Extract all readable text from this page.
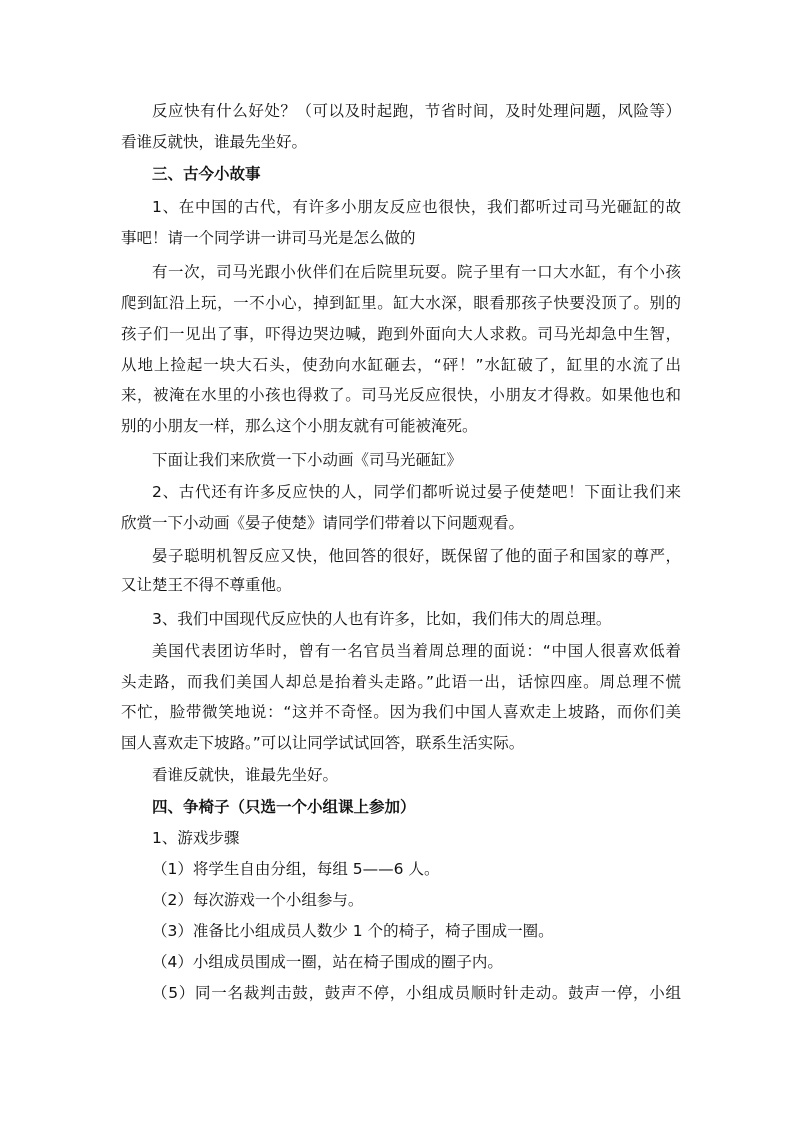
反应快有什么好处？（可以及时起跑，节省时间，及时处理问题，风险等）
看谁反就快，谁最先坐好。
三、古今小故事
1、在中国的古代，有许多小朋友反应也很快，我们都听过司马光砸缸的故
事吧！请一个同学讲一讲司马光是怎么做的
有一次，司马光跟小伙伴们在后院里玩耍。院子里有一口大水缸，有个小孩
爬到缸沿上玩，一不小心，掉到缸里。缸大水深，眼看那孩子快要没顶了。别的
孩子们一见出了事，吓得边哭边喊，跑到外面向大人求救。司马光却急中生智，
从地上捡起一块大石头，使劲向水缸砸去，“砰！”水缸破了，缸里的水流了出
来，被淹在水里的小孩也得救了。司马光反应很快，小朋友才得救。如果他也和
别的小朋友一样，那么这个小朋友就有可能被淹死。
下面让我们来欣赏一下小动画《司马光砸缸》
2、古代还有许多反应快的人，同学们都听说过晏子使楚吧！下面让我们来
欣赏一下小动画《晏子使楚》请同学们带着以下问题观看。
晏子聪明机智反应又快，他回答的很好，既保留了他的面子和国家的尊严，
又让楚王不得不尊重他。
3、我们中国现代反应快的人也有许多，比如，我们伟大的周总理。
美国代表团访华时，曾有一名官员当着周总理的面说：“中国人很喜欢低着
头走路，而我们美国人却总是抬着头走路。”此语一出，话惊四座。周总理不慌
不忙，脸带微笑地说：“这并不奇怪。因为我们中国人喜欢走上坡路，而你们美
国人喜欢走下坡路。”可以让同学试试回答，联系生活实际。
看谁反就快，谁最先坐好。
四、争椅子（只选一个小组课上参加）
1、游戏步骤
（1）将学生自由分组，每组 5——6 人。
（2）每次游戏一个小组参与。
（3）准备比小组成员人数少 1 个的椅子，椅子围成一圈。
（4）小组成员围成一圈，站在椅子围成的圈子内。
（5）同一名裁判击鼓，鼓声不停，小组成员顺时针走动。鼓声一停，小组
